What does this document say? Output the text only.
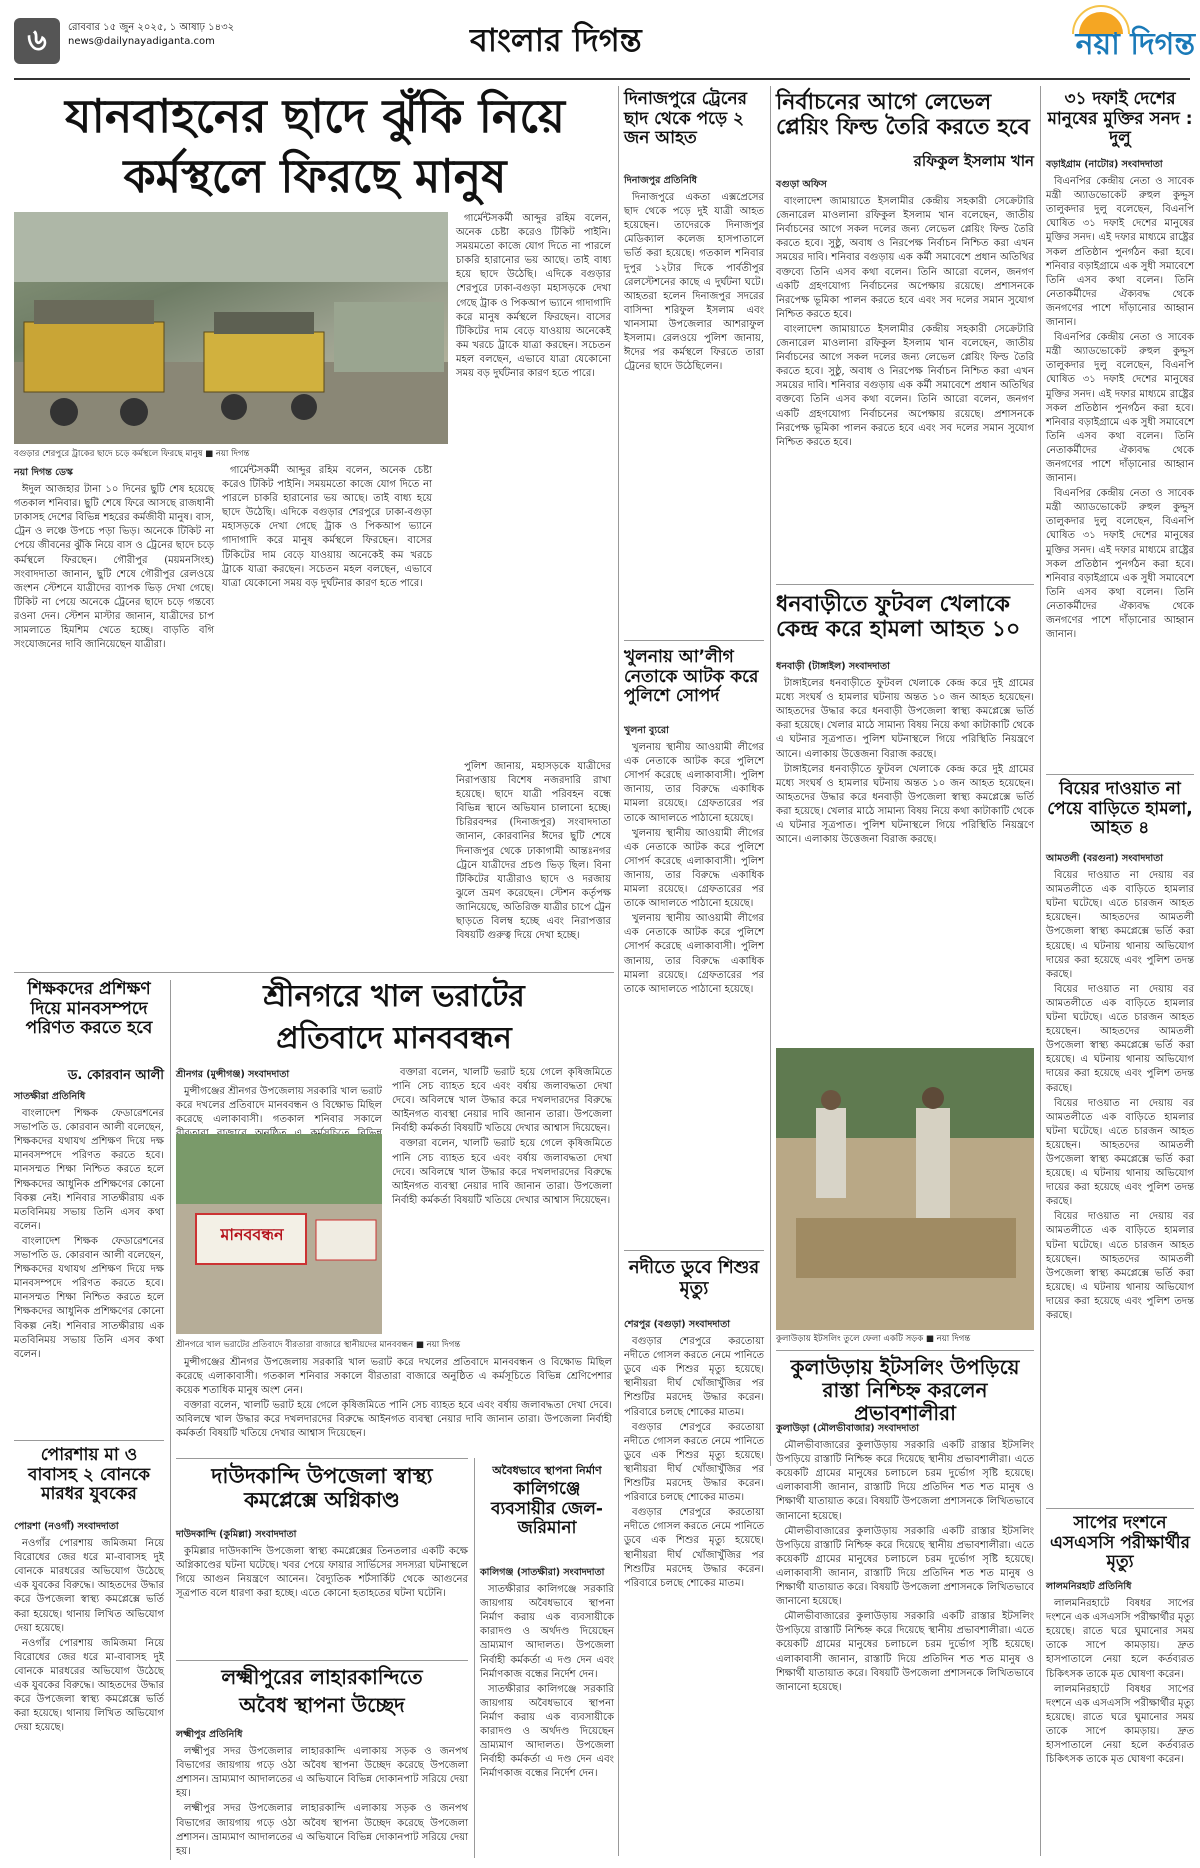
৬	রোববার ১৫ জুন ২০২৫, ১ আষাঢ় ১৪৩২
news@dailynayadiganta.com	বাংলার দিগন্ত	নয়া দিগন্ত
যানবাহনের ছাদে ঝুঁকি নিয়ে
কর্মস্থলে ফিরছে মানুষ
বগুড়ার শেরপুরে ট্রাকের ছাদে চড়ে কর্মস্থলে ফিরছে মানুষ ■ নয়া দিগন্ত
নয়া দিগন্ত ডেস্ক

ঈদুল আজহার টানা ১০ দিনের ছুটি শেষ হয়েছে গতকাল শনিবার। ছুটি শেষে ফিরে আসছে রাজধানী ঢাকাসহ দেশের বিভিন্ন শহরের কর্মজীবী মানুষ। বাস, ট্রেন ও লঞ্চে উপচে পড়া ভিড়। অনেকে টিকিট না পেয়ে জীবনের ঝুঁকি নিয়ে বাস ও ট্রেনের ছাদে চড়ে কর্মস্থলে ফিরছেন। গৌরীপুর (ময়মনসিংহ) সংবাদদাতা জানান, ছুটি শেষে গৌরীপুর রেলওয়ে জংশন স্টেশনে যাত্রীদের ব্যাপক ভিড় দেখা গেছে। টিকিট না পেয়ে অনেকে ট্রেনের ছাদে চড়ে গন্তব্যে রওনা দেন। স্টেশন মাস্টার জানান, যাত্রীদের চাপ সামলাতে হিমশিম খেতে হচ্ছে। বাড়তি বগি সংযোজনের দাবি জানিয়েছেন যাত্রীরা।

গার্মেন্টসকর্মী আব্দুর রহিম বলেন, অনেক চেষ্টা করেও টিকিট পাইনি। সময়মতো কাজে যোগ দিতে না পারলে চাকরি হারানোর ভয় আছে। তাই বাধ্য হয়ে ছাদে উঠেছি। এদিকে বগুড়ার শেরপুরে ঢাকা-বগুড়া মহাসড়কে দেখা গেছে ট্রাক ও পিকআপ ভ্যানে গাদাগাদি করে মানুষ কর্মস্থলে ফিরছেন। বাসের টিকিটের দাম বেড়ে যাওয়ায় অনেকেই কম খরচে ট্রাকে যাত্রা করছেন। সচেতন মহল বলছেন, এভাবে যাত্রা যেকোনো সময় বড় দুর্ঘটনার কারণ হতে পারে।

গার্মেন্টসকর্মী আব্দুর রহিম বলেন, অনেক চেষ্টা করেও টিকিট পাইনি। সময়মতো কাজে যোগ দিতে না পারলে চাকরি হারানোর ভয় আছে। তাই বাধ্য হয়ে ছাদে উঠেছি। এদিকে বগুড়ার শেরপুরে ঢাকা-বগুড়া মহাসড়কে দেখা গেছে ট্রাক ও পিকআপ ভ্যানে গাদাগাদি করে মানুষ কর্মস্থলে ফিরছেন। বাসের টিকিটের দাম বেড়ে যাওয়ায় অনেকেই কম খরচে ট্রাকে যাত্রা করছেন। সচেতন মহল বলছেন, এভাবে যাত্রা যেকোনো সময় বড় দুর্ঘটনার কারণ হতে পারে।

পুলিশ জানায়, মহাসড়কে যাত্রীদের নিরাপত্তায় বিশেষ নজরদারি রাখা হয়েছে। ছাদে যাত্রী পরিবহন বন্ধে বিভিন্ন স্থানে অভিযান চালানো হচ্ছে। চিরিরবন্দর (দিনাজপুর) সংবাদদাতা জানান, কোরবানির ঈদের ছুটি শেষে দিনাজপুর থেকে ঢাকাগামী আন্তঃনগর ট্রেনে যাত্রীদের প্রচণ্ড ভিড় ছিল। বিনা টিকিটের যাত্রীরাও ছাদে ও দরজায় ঝুলে ভ্রমণ করেছেন। স্টেশন কর্তৃপক্ষ জানিয়েছে, অতিরিক্ত যাত্রীর চাপে ট্রেন ছাড়তে বিলম্ব হচ্ছে এবং নিরাপত্তার বিষয়টি গুরুত্ব দিয়ে দেখা হচ্ছে।

দিনাজপুরে ট্রেনের ছাদ থেকে পড়ে ২ জন আহত
দিনাজপুর প্রতিনিধি

দিনাজপুরে একতা এক্সপ্রেসের ছাদ থেকে পড়ে দুই যাত্রী আহত হয়েছেন। তাদেরকে দিনাজপুর মেডিক্যাল কলেজ হাসপাতালে ভর্তি করা হয়েছে। গতকাল শনিবার দুপুর ১২টার দিকে পার্বতীপুর রেলস্টেশনের কাছে এ দুর্ঘটনা ঘটে। আহতরা হলেন দিনাজপুর সদরের বাসিন্দা শরিফুল ইসলাম এবং খানসামা উপজেলার আশরাফুল ইসলাম। রেলওয়ে পুলিশ জানায়, ঈদের পর কর্মস্থলে ফিরতে তারা ট্রেনের ছাদে উঠেছিলেন।

খুলনায় আ’লীগ নেতাকে আটক করে পুলিশে সোপর্দ
খুলনা ব্যুরো

খুলনায় স্থানীয় আওয়ামী লীগের এক নেতাকে আটক করে পুলিশে সোপর্দ করেছে এলাকাবাসী। পুলিশ জানায়, তার বিরুদ্ধে একাধিক মামলা রয়েছে। গ্রেফতারের পর তাকে আদালতে পাঠানো হয়েছে।

খুলনায় স্থানীয় আওয়ামী লীগের এক নেতাকে আটক করে পুলিশে সোপর্দ করেছে এলাকাবাসী। পুলিশ জানায়, তার বিরুদ্ধে একাধিক মামলা রয়েছে। গ্রেফতারের পর তাকে আদালতে পাঠানো হয়েছে।

খুলনায় স্থানীয় আওয়ামী লীগের এক নেতাকে আটক করে পুলিশে সোপর্দ করেছে এলাকাবাসী। পুলিশ জানায়, তার বিরুদ্ধে একাধিক মামলা রয়েছে। গ্রেফতারের পর তাকে আদালতে পাঠানো হয়েছে।

নির্বাচনের আগে লেভেল প্লেয়িং ফিল্ড তৈরি করতে হবে
রফিকুল ইসলাম খান
বগুড়া অফিস

বাংলাদেশ জামায়াতে ইসলামীর কেন্দ্রীয় সহকারী সেক্রেটারি জেনারেল মাওলানা রফিকুল ইসলাম খান বলেছেন, জাতীয় নির্বাচনের আগে সকল দলের জন্য লেভেল প্লেয়িং ফিল্ড তৈরি করতে হবে। সুষ্ঠু, অবাধ ও নিরপেক্ষ নির্বাচন নিশ্চিত করা এখন সময়ের দাবি। শনিবার বগুড়ায় এক কর্মী সমাবেশে প্রধান অতিথির বক্তব্যে তিনি এসব কথা বলেন। তিনি আরো বলেন, জনগণ একটি গ্রহণযোগ্য নির্বাচনের অপেক্ষায় রয়েছে। প্রশাসনকে নিরপেক্ষ ভূমিকা পালন করতে হবে এবং সব দলের সমান সুযোগ নিশ্চিত করতে হবে।

বাংলাদেশ জামায়াতে ইসলামীর কেন্দ্রীয় সহকারী সেক্রেটারি জেনারেল মাওলানা রফিকুল ইসলাম খান বলেছেন, জাতীয় নির্বাচনের আগে সকল দলের জন্য লেভেল প্লেয়িং ফিল্ড তৈরি করতে হবে। সুষ্ঠু, অবাধ ও নিরপেক্ষ নির্বাচন নিশ্চিত করা এখন সময়ের দাবি। শনিবার বগুড়ায় এক কর্মী সমাবেশে প্রধান অতিথির বক্তব্যে তিনি এসব কথা বলেন। তিনি আরো বলেন, জনগণ একটি গ্রহণযোগ্য নির্বাচনের অপেক্ষায় রয়েছে। প্রশাসনকে নিরপেক্ষ ভূমিকা পালন করতে হবে এবং সব দলের সমান সুযোগ নিশ্চিত করতে হবে।

ধনবাড়ীতে ফুটবল খেলাকে কেন্দ্র করে হামলা আহত ১০
ধনবাড়ী (টাঙ্গাইল) সংবাদদাতা

টাঙ্গাইলের ধনবাড়ীতে ফুটবল খেলাকে কেন্দ্র করে দুই গ্রামের মধ্যে সংঘর্ষ ও হামলার ঘটনায় অন্তত ১০ জন আহত হয়েছেন। আহতদের উদ্ধার করে ধনবাড়ী উপজেলা স্বাস্থ্য কমপ্লেক্সে ভর্তি করা হয়েছে। খেলার মাঠে সামান্য বিষয় নিয়ে কথা কাটাকাটি থেকে এ ঘটনার সূত্রপাত। পুলিশ ঘটনাস্থলে গিয়ে পরিস্থিতি নিয়ন্ত্রণে আনে। এলাকায় উত্তেজনা বিরাজ করছে।

টাঙ্গাইলের ধনবাড়ীতে ফুটবল খেলাকে কেন্দ্র করে দুই গ্রামের মধ্যে সংঘর্ষ ও হামলার ঘটনায় অন্তত ১০ জন আহত হয়েছেন। আহতদের উদ্ধার করে ধনবাড়ী উপজেলা স্বাস্থ্য কমপ্লেক্সে ভর্তি করা হয়েছে। খেলার মাঠে সামান্য বিষয় নিয়ে কথা কাটাকাটি থেকে এ ঘটনার সূত্রপাত। পুলিশ ঘটনাস্থলে গিয়ে পরিস্থিতি নিয়ন্ত্রণে আনে। এলাকায় উত্তেজনা বিরাজ করছে।

কুলাউড়ায় ইটসলিং তুলে ফেলা একটি সড়ক ■ নয়া দিগন্ত
৩১ দফাই দেশের মানুষের মুক্তির সনদ : দুলু
বড়াইগ্রাম (নাটোর) সংবাদদাতা

বিএনপির কেন্দ্রীয় নেতা ও সাবেক মন্ত্রী অ্যাডভোকেট রুহুল কুদ্দুস তালুকদার দুলু বলেছেন, বিএনপি ঘোষিত ৩১ দফাই দেশের মানুষের মুক্তির সনদ। এই দফার মাধ্যমে রাষ্ট্রের সকল প্রতিষ্ঠান পুনর্গঠন করা হবে। শনিবার বড়াইগ্রামে এক সুধী সমাবেশে তিনি এসব কথা বলেন। তিনি নেতাকর্মীদের ঐক্যবদ্ধ থেকে জনগণের পাশে দাঁড়ানোর আহ্বান জানান।

বিএনপির কেন্দ্রীয় নেতা ও সাবেক মন্ত্রী অ্যাডভোকেট রুহুল কুদ্দুস তালুকদার দুলু বলেছেন, বিএনপি ঘোষিত ৩১ দফাই দেশের মানুষের মুক্তির সনদ। এই দফার মাধ্যমে রাষ্ট্রের সকল প্রতিষ্ঠান পুনর্গঠন করা হবে। শনিবার বড়াইগ্রামে এক সুধী সমাবেশে তিনি এসব কথা বলেন। তিনি নেতাকর্মীদের ঐক্যবদ্ধ থেকে জনগণের পাশে দাঁড়ানোর আহ্বান জানান।

বিএনপির কেন্দ্রীয় নেতা ও সাবেক মন্ত্রী অ্যাডভোকেট রুহুল কুদ্দুস তালুকদার দুলু বলেছেন, বিএনপি ঘোষিত ৩১ দফাই দেশের মানুষের মুক্তির সনদ। এই দফার মাধ্যমে রাষ্ট্রের সকল প্রতিষ্ঠান পুনর্গঠন করা হবে। শনিবার বড়াইগ্রামে এক সুধী সমাবেশে তিনি এসব কথা বলেন। তিনি নেতাকর্মীদের ঐক্যবদ্ধ থেকে জনগণের পাশে দাঁড়ানোর আহ্বান জানান।

বিয়ের দাওয়াত না পেয়ে বাড়িতে হামলা, আহত ৪
আমতলী (বরগুনা) সংবাদদাতা

বিয়ের দাওয়াত না দেয়ায় বর আমতলীতে এক বাড়িতে হামলার ঘটনা ঘটেছে। এতে চারজন আহত হয়েছেন। আহতদের আমতলী উপজেলা স্বাস্থ্য কমপ্লেক্সে ভর্তি করা হয়েছে। এ ঘটনায় থানায় অভিযোগ দায়ের করা হয়েছে এবং পুলিশ তদন্ত করছে।

বিয়ের দাওয়াত না দেয়ায় বর আমতলীতে এক বাড়িতে হামলার ঘটনা ঘটেছে। এতে চারজন আহত হয়েছেন। আহতদের আমতলী উপজেলা স্বাস্থ্য কমপ্লেক্সে ভর্তি করা হয়েছে। এ ঘটনায় থানায় অভিযোগ দায়ের করা হয়েছে এবং পুলিশ তদন্ত করছে।

বিয়ের দাওয়াত না দেয়ায় বর আমতলীতে এক বাড়িতে হামলার ঘটনা ঘটেছে। এতে চারজন আহত হয়েছেন। আহতদের আমতলী উপজেলা স্বাস্থ্য কমপ্লেক্সে ভর্তি করা হয়েছে। এ ঘটনায় থানায় অভিযোগ দায়ের করা হয়েছে এবং পুলিশ তদন্ত করছে।

বিয়ের দাওয়াত না দেয়ায় বর আমতলীতে এক বাড়িতে হামলার ঘটনা ঘটেছে। এতে চারজন আহত হয়েছেন। আহতদের আমতলী উপজেলা স্বাস্থ্য কমপ্লেক্সে ভর্তি করা হয়েছে। এ ঘটনায় থানায় অভিযোগ দায়ের করা হয়েছে এবং পুলিশ তদন্ত করছে।

সাপের দংশনে এসএসসি পরীক্ষার্থীর মৃত্যু
লালমনিরহাট প্রতিনিধি

লালমনিরহাটে বিষধর সাপের দংশনে এক এসএসসি পরীক্ষার্থীর মৃত্যু হয়েছে। রাতে ঘরে ঘুমানোর সময় তাকে সাপে কামড়ায়। দ্রুত হাসপাতালে নেয়া হলে কর্তব্যরত চিকিৎসক তাকে মৃত ঘোষণা করেন।

লালমনিরহাটে বিষধর সাপের দংশনে এক এসএসসি পরীক্ষার্থীর মৃত্যু হয়েছে। রাতে ঘরে ঘুমানোর সময় তাকে সাপে কামড়ায়। দ্রুত হাসপাতালে নেয়া হলে কর্তব্যরত চিকিৎসক তাকে মৃত ঘোষণা করেন।

শিক্ষকদের প্রশিক্ষণ দিয়ে মানবসম্পদে পরিণত করতে হবে
ড. কোরবান আলী
সাতক্ষীরা প্রতিনিধি

বাংলাদেশ শিক্ষক ফেডারেশনের সভাপতি ড. কোরবান আলী বলেছেন, শিক্ষকদের যথাযথ প্রশিক্ষণ দিয়ে দক্ষ মানবসম্পদে পরিণত করতে হবে। মানসম্মত শিক্ষা নিশ্চিত করতে হলে শিক্ষকদের আধুনিক প্রশিক্ষণের কোনো বিকল্প নেই। শনিবার সাতক্ষীরায় এক মতবিনিময় সভায় তিনি এসব কথা বলেন।

বাংলাদেশ শিক্ষক ফেডারেশনের সভাপতি ড. কোরবান আলী বলেছেন, শিক্ষকদের যথাযথ প্রশিক্ষণ দিয়ে দক্ষ মানবসম্পদে পরিণত করতে হবে। মানসম্মত শিক্ষা নিশ্চিত করতে হলে শিক্ষকদের আধুনিক প্রশিক্ষণের কোনো বিকল্প নেই। শনিবার সাতক্ষীরায় এক মতবিনিময় সভায় তিনি এসব কথা বলেন।

শ্রীনগরে খাল ভরাটের
প্রতিবাদে মানববন্ধন
শ্রীনগর (মুন্সীগঞ্জ) সংবাদদাতা

মুন্সীগঞ্জের শ্রীনগর উপজেলায় সরকারি খাল ভরাট করে দখলের প্রতিবাদে মানববন্ধন ও বিক্ষোভ মিছিল করেছে এলাকাবাসী। গতকাল শনিবার সকালে

মানববন্ধন
শ্রীনগরে খাল ভরাটের প্রতিবাদে বীরতারা বাজারে স্থানীয়দের মানববন্ধন ■ নয়া দিগন্ত

বক্তারা বলেন, খালটি ভরাট হয়ে গেলে কৃষিজমিতে পানি সেচ ব্যাহত হবে এবং বর্ষায় জলাবদ্ধতা দেখা দেবে। অবিলম্বে খাল উদ্ধার করে দখলদারদের বিরুদ্ধে আইনগত ব্যবস্থা নেয়ার দাবি জানান তারা। উপজেলা নির্বাহী কর্মকর্তা বিষয়টি খতিয়ে দেখার আশ্বাস দিয়েছেন।

বক্তারা বলেন, খালটি ভরাট হয়ে গেলে কৃষিজমিতে পানি সেচ ব্যাহত হবে এবং বর্ষায় জলাবদ্ধতা দেখা দেবে। অবিলম্বে খাল উদ্ধার করে দখলদারদের বিরুদ্ধে আইনগত ব্যবস্থা নেয়ার দাবি জানান তারা। উপজেলা নির্বাহী কর্মকর্তা বিষয়টি খতিয়ে দেখার আশ্বাস দিয়েছেন।

মুন্সীগঞ্জের শ্রীনগর উপজেলায় সরকারি খাল ভরাট করে দখলের প্রতিবাদে মানববন্ধন ও বিক্ষোভ মিছিল করেছে এলাকাবাসী। গতকাল শনিবার সকালে বীরতারা বাজারে অনুষ্ঠিত এ কর্মসূচিতে বিভিন্ন শ্রেণিপেশার কয়েক শতাধিক মানুষ অংশ নেন।

বক্তারা বলেন, খালটি ভরাট হয়ে গেলে কৃষিজমিতে পানি সেচ ব্যাহত হবে এবং বর্ষায় জলাবদ্ধতা দেখা দেবে। অবিলম্বে খাল উদ্ধার করে দখলদারদের বিরুদ্ধে আইনগত ব্যবস্থা নেয়ার দাবি জানান তারা। উপজেলা নির্বাহী কর্মকর্তা বিষয়টি খতিয়ে দেখার আশ্বাস দিয়েছেন।

পোরশায় মা ও বাবাসহ ২ বোনকে মারধর যুবকের
পোরশা (নওগাঁ) সংবাদদাতা

নওগাঁর পোরশায় জমিজমা নিয়ে বিরোধের জের ধরে মা-বাবাসহ দুই বোনকে মারধরের অভিযোগ উঠেছে এক যুবকের বিরুদ্ধে। আহতদের উদ্ধার করে উপজেলা স্বাস্থ্য কমপ্লেক্সে ভর্তি করা হয়েছে। থানায় লিখিত অভিযোগ দেয়া হয়েছে।

নওগাঁর পোরশায় জমিজমা নিয়ে বিরোধের জের ধরে মা-বাবাসহ দুই বোনকে মারধরের অভিযোগ উঠেছে এক যুবকের বিরুদ্ধে। আহতদের উদ্ধার করে উপজেলা স্বাস্থ্য কমপ্লেক্সে ভর্তি করা হয়েছে। থানায় লিখিত অভিযোগ দেয়া হয়েছে।

দাউদকান্দি উপজেলা স্বাস্থ্য কমপ্লেক্সে অগ্নিকাণ্ড
দাউদকান্দি (কুমিল্লা) সংবাদদাতা

কুমিল্লার দাউদকান্দি উপজেলা স্বাস্থ্য কমপ্লেক্সের তিনতলার একটি কক্ষে অগ্নিকাণ্ডের ঘটনা ঘটেছে। খবর পেয়ে ফায়ার সার্ভিসের সদস্যরা ঘটনাস্থলে গিয়ে আগুন নিয়ন্ত্রণে আনেন। বৈদ্যুতিক শর্টসার্কিট থেকে আগুনের সূত্রপাত বলে ধারণা করা হচ্ছে। এতে কোনো হতাহতের ঘটনা ঘটেনি।

লক্ষ্মীপুরের লাহারকান্দিতে
অবৈধ স্থাপনা উচ্ছেদ
লক্ষ্মীপুর প্রতিনিধি

লক্ষ্মীপুর সদর উপজেলার লাহারকান্দি এলাকায় সড়ক ও জনপথ বিভাগের জায়গায় গড়ে ওঠা অবৈধ স্থাপনা উচ্ছেদ করেছে উপজেলা প্রশাসন। ভ্রাম্যমাণ আদালতের এ অভিযানে বিভিন্ন দোকানপাট সরিয়ে দেয়া হয়।

লক্ষ্মীপুর সদর উপজেলার লাহারকান্দি এলাকায় সড়ক ও জনপথ বিভাগের জায়গায় গড়ে ওঠা অবৈধ স্থাপনা উচ্ছেদ করেছে উপজেলা প্রশাসন। ভ্রাম্যমাণ আদালতের এ অভিযানে বিভিন্ন দোকানপাট সরিয়ে দেয়া হয়।

অবৈধভাবে স্থাপনা নির্মাণ
কালিগঞ্জে ব্যবসায়ীর জেল-জরিমানা
কালিগঞ্জ (সাতক্ষীরা) সংবাদদাতা

সাতক্ষীরার কালিগঞ্জে সরকারি জায়গায় অবৈধভাবে স্থাপনা নির্মাণ করায় এক ব্যবসায়ীকে কারাদণ্ড ও অর্থদণ্ড দিয়েছেন ভ্রাম্যমাণ আদালত। উপজেলা নির্বাহী কর্মকর্তা এ দণ্ড দেন এবং নির্মাণকাজ বন্ধের নির্দেশ দেন।

সাতক্ষীরার কালিগঞ্জে সরকারি জায়গায় অবৈধভাবে স্থাপনা নির্মাণ করায় এক ব্যবসায়ীকে কারাদণ্ড ও অর্থদণ্ড দিয়েছেন ভ্রাম্যমাণ আদালত। উপজেলা নির্বাহী কর্মকর্তা এ দণ্ড দেন এবং নির্মাণকাজ বন্ধের নির্দেশ দেন।

নদীতে ডুবে শিশুর মৃত্যু
শেরপুর (বগুড়া) সংবাদদাতা

বগুড়ার শেরপুরে করতোয়া নদীতে গোসল করতে নেমে পানিতে ডুবে এক শিশুর মৃত্যু হয়েছে। স্থানীয়রা দীর্ঘ খোঁজাখুঁজির পর শিশুটির মরদেহ উদ্ধার করেন। পরিবারে চলছে শোকের মাতম।

বগুড়ার শেরপুরে করতোয়া নদীতে গোসল করতে নেমে পানিতে ডুবে এক শিশুর মৃত্যু হয়েছে। স্থানীয়রা দীর্ঘ খোঁজাখুঁজির পর শিশুটির মরদেহ উদ্ধার করেন। পরিবারে চলছে শোকের মাতম।

বগুড়ার শেরপুরে করতোয়া নদীতে গোসল করতে নেমে পানিতে ডুবে এক শিশুর মৃত্যু হয়েছে। স্থানীয়রা দীর্ঘ খোঁজাখুঁজির পর শিশুটির মরদেহ উদ্ধার করেন। পরিবারে চলছে শোকের মাতম।

কুলাউড়ায় ইটসলিং উপড়িয়ে রাস্তা নিশ্চিহ্ন করলেন প্রভাবশালীরা
কুলাউড়া (মৌলভীবাজার) সংবাদদাতা

মৌলভীবাজারের কুলাউড়ায় সরকারি একটি রাস্তার ইটসলিং উপড়িয়ে রাস্তাটি নিশ্চিহ্ন করে দিয়েছে স্থানীয় প্রভাবশালীরা। এতে কয়েকটি গ্রামের মানুষের চলাচলে চরম দুর্ভোগ সৃষ্টি হয়েছে। এলাকাবাসী জানান, রাস্তাটি দিয়ে প্রতিদিন শত শত মানুষ ও শিক্ষার্থী যাতায়াত করে। বিষয়টি উপজেলা প্রশাসনকে লিখিতভাবে জানানো হয়েছে।

মৌলভীবাজারের কুলাউড়ায় সরকারি একটি রাস্তার ইটসলিং উপড়িয়ে রাস্তাটি নিশ্চিহ্ন করে দিয়েছে স্থানীয় প্রভাবশালীরা। এতে কয়েকটি গ্রামের মানুষের চলাচলে চরম দুর্ভোগ সৃষ্টি হয়েছে। এলাকাবাসী জানান, রাস্তাটি দিয়ে প্রতিদিন শত শত মানুষ ও শিক্ষার্থী যাতায়াত করে। বিষয়টি উপজেলা প্রশাসনকে লিখিতভাবে জানানো হয়েছে।

মৌলভীবাজারের কুলাউড়ায় সরকারি একটি রাস্তার ইটসলিং উপড়িয়ে রাস্তাটি নিশ্চিহ্ন করে দিয়েছে স্থানীয় প্রভাবশালীরা। এতে কয়েকটি গ্রামের মানুষের চলাচলে চরম দুর্ভোগ সৃষ্টি হয়েছে। এলাকাবাসী জানান, রাস্তাটি দিয়ে প্রতিদিন শত শত মানুষ ও শিক্ষার্থী যাতায়াত করে। বিষয়টি উপজেলা প্রশাসনকে লিখিতভাবে জানানো হয়েছে।
